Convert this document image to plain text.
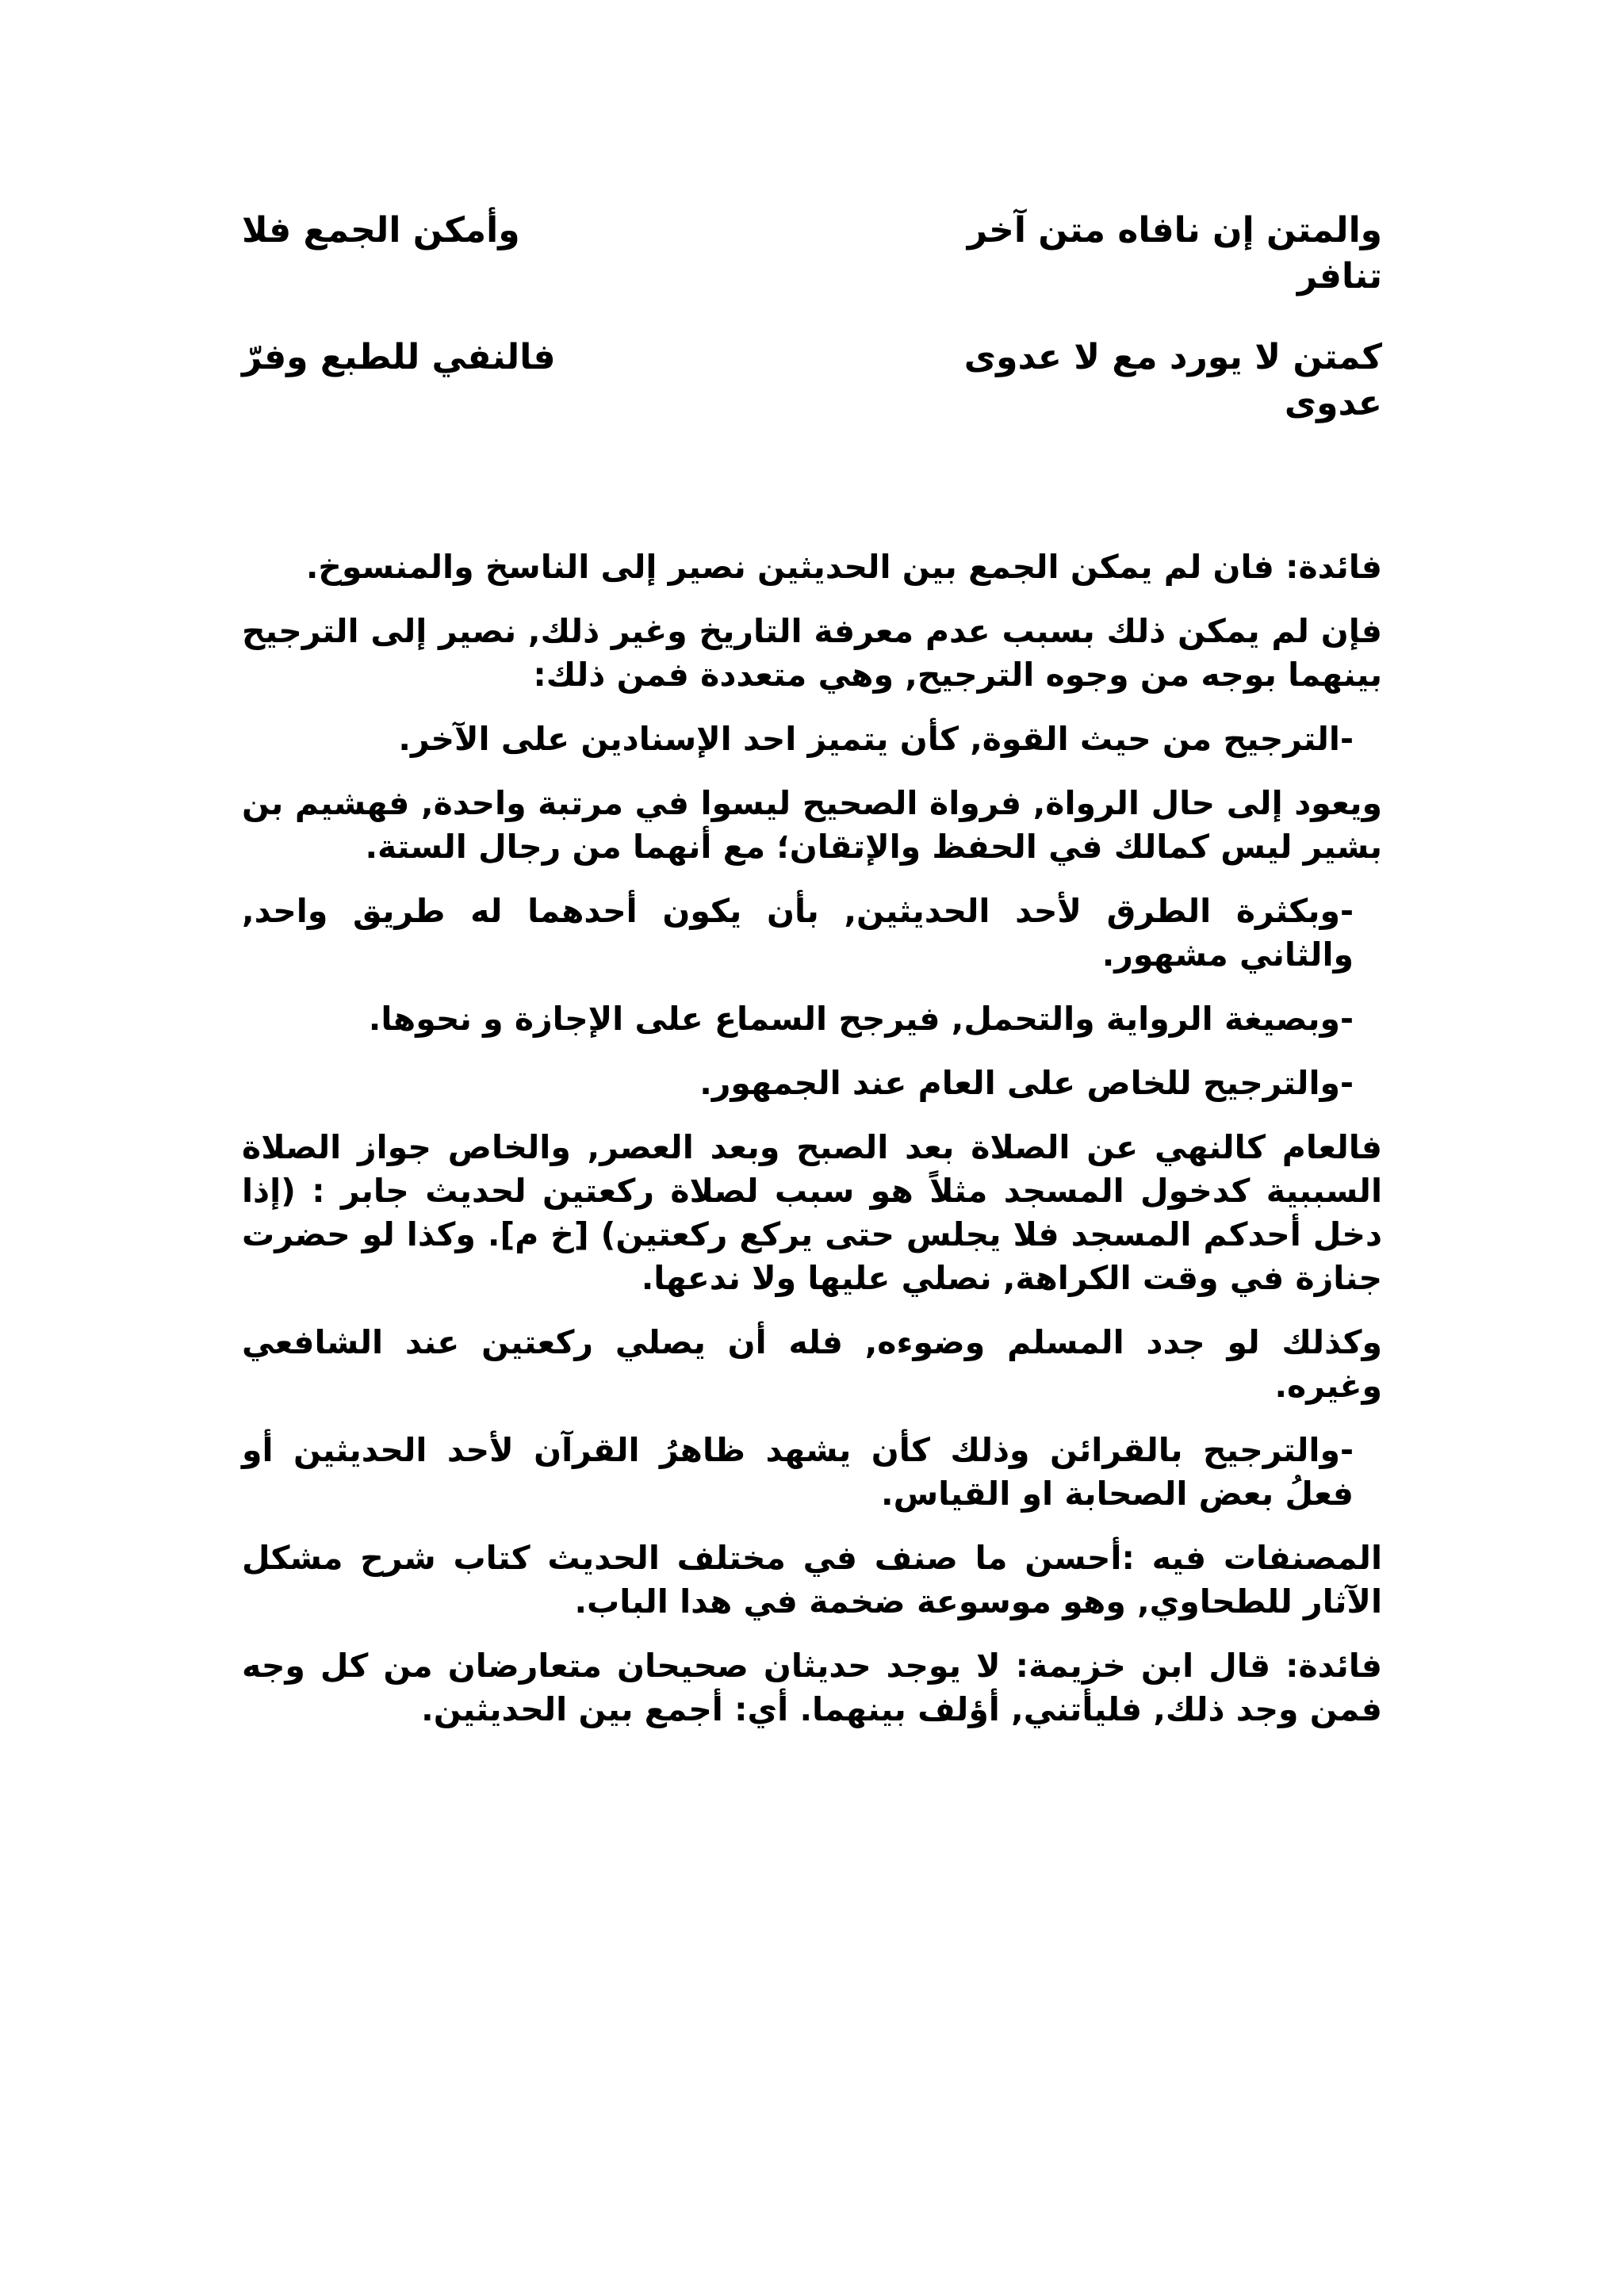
والمتن إن نافاه متن آخر
وأمكن الجمع فلا
تنافر
كمتن لا يورد مع لا عدوى
فالنفي للطبع وفرّ
عدوى

فائدة: فان لم يمكن الجمع بين الحديثين نصير إلى الناسخ والمنسوخ.

فإن لم يمكن ذلك بسبب عدم معرفة التاريخ وغير ذلك, نصير إلى الترجيح بينهما بوجه من وجوه الترجيح, وهي متعددة فمن ذلك:

-الترجيح من حيث القوة, كأن يتميز احد الإسنادين على الآخر.

ويعود إلى حال الرواة, فرواة الصحيح ليسوا في مرتبة واحدة, فهشيم بن بشير ليس كمالك في الحفظ والإتقان؛ مع أنهما من رجال الستة.

-وبكثرة الطرق لأحد الحديثين, بأن يكون أحدهما له طريق واحد, والثاني مشهور.

-وبصيغة الرواية والتحمل, فيرجح السماع على الإجازة و نحوها.

-والترجيح للخاص على العام عند الجمهور.

فالعام كالنهي عن الصلاة بعد الصبح وبعد العصر, والخاص جواز الصلاة السببية كدخول المسجد مثلاً هو سبب لصلاة ركعتين لحديث جابر : (إذا دخل أحدكم المسجد فلا يجلس حتى يركع ركعتين) [خ م]. وكذا لو حضرت جنازة في وقت الكراهة, نصلي عليها ولا ندعها.

وكذلك لو جدد المسلم وضوءه, فله أن يصلي ركعتين عند الشافعي وغيره.

-والترجيح بالقرائن وذلك كأن يشهد ظاهرُ القرآن لأحد الحديثين أو فعلُ بعض الصحابة او القياس.

المصنفات فيه :أحسن ما صنف في مختلف الحديث كتاب شرح مشكل الآثار للطحاوي, وهو موسوعة ضخمة في هدا الباب.

فائدة: قال ابن خزيمة: لا يوجد حديثان صحيحان متعارضان من كل وجه فمن وجد ذلك, فليأتني, أؤلف بينهما. أي: أجمع بين الحديثين.
